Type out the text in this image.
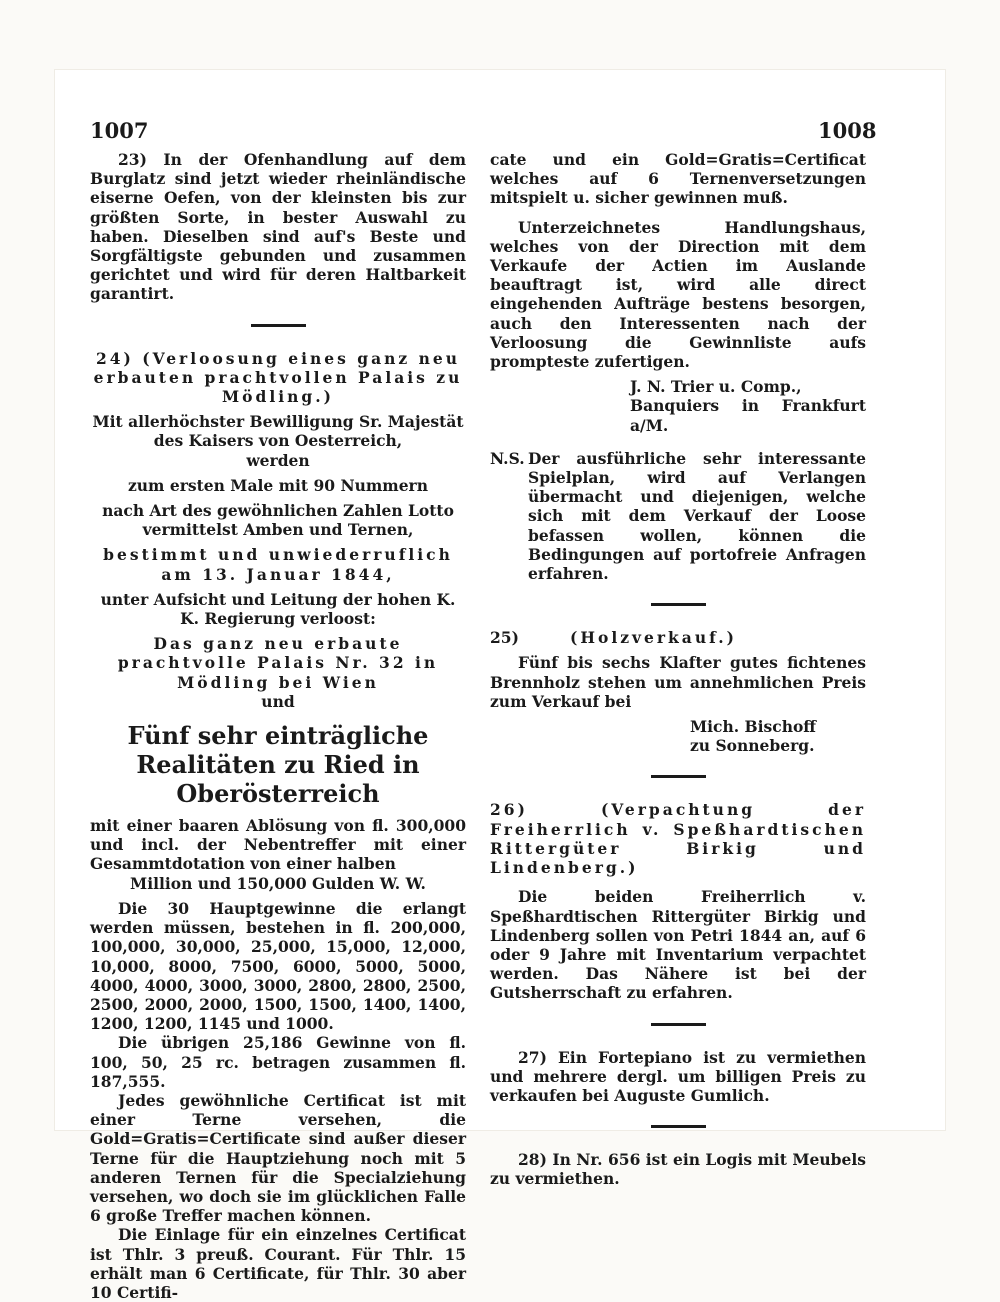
1007	1008

23) In der Ofenhandlung auf dem Burglatz sind jetzt wieder rheinländische eiserne Oefen, von der kleinsten bis zur größten Sorte, in bester Auswahl zu haben. Dieselben sind auf's Beste und Sorgfältigste gebunden und zusammen gerichtet und wird für deren Haltbarkeit garantirt.

24) (Verloosung eines ganz neu erbauten prachtvollen Palais zu Mödling.)

Mit allerhöchster Bewilligung Sr. Majestät des Kaisers von Oesterreich,

werden

zum ersten Male mit 90 Nummern

nach Art des gewöhnlichen Zahlen Lotto vermittelst Amben und Ternen,

bestimmt und unwiederruflich am 13. Januar 1844,

unter Aufsicht und Leitung der hohen K. K. Regierung verloost:

Das ganz neu erbaute prachtvolle Palais Nr. 32 in Mödling bei Wien

und

Fünf sehr einträgliche Realitäten zu Ried in Oberösterreich

mit einer baaren Ablösung von fl. 300,000 und incl. der Nebentreffer mit einer Gesammtdotation von einer halben

Million und 150,000 Gulden W. W.

Die 30 Hauptgewinne die erlangt werden müssen, bestehen in fl. 200,000, 100,000, 30,000, 25,000, 15,000, 12,000, 10,000, 8000, 7500, 6000, 5000, 5000, 4000, 4000, 3000, 3000, 2800, 2800, 2500, 2500, 2000, 2000, 1500, 1500, 1400, 1400, 1200, 1200, 1145 und 1000.

Die übrigen 25,186 Gewinne von fl. 100, 50, 25 rc. betragen zusammen fl. 187,555.

Jedes gewöhnliche Certificat ist mit einer Terne versehen, die Gold=Gratis=Certificate sind außer dieser Terne für die Hauptziehung noch mit 5 anderen Ternen für die Specialziehung versehen, wo doch sie im glücklichen Falle 6 große Treffer machen können.

Die Einlage für ein einzelnes Certificat ist Thlr. 3 preuß. Courant. Für Thlr. 15 erhält man 6 Certificate, für Thlr. 30 aber 10 Certifi-

cate und ein Gold=Gratis=Certificat welches auf 6 Ternenversetzungen mitspielt u. sicher gewinnen muß.

Unterzeichnetes Handlungshaus, welches von der Direction mit dem Verkaufe der Actien im Auslande beauftragt ist, wird alle direct eingehenden Aufträge bestens besorgen, auch den Interessenten nach der Verloosung die Gewinnliste aufs prompteste zufertigen.

J. N. Trier u. Comp.,

Banquiers in Frankfurt a/M.

N.S. Der ausführliche sehr interessante Spielplan, wird auf Verlangen übermacht und diejenigen, welche sich mit dem Verkauf der Loose befassen wollen, können die Bedingungen auf portofreie Anfragen erfahren.
25)	(Holzverkauf.)

Fünf bis sechs Klafter gutes fichtenes Brennholz stehen um annehmlichen Preis zum Verkauf bei

Mich. Bischoff

zu Sonneberg.

26) (Verpachtung der Freiherrlich v. Speßhardtischen Rittergüter Birkig und Lindenberg.)

Die beiden Freiherrlich v. Speßhardtischen Rittergüter Birkig und Lindenberg sollen von Petri 1844 an, auf 6 oder 9 Jahre mit Inventarium verpachtet werden. Das Nähere ist bei der Gutsherrschaft zu erfahren.

27) Ein Fortepiano ist zu vermiethen und mehrere dergl. um billigen Preis zu verkaufen bei Auguste Gumlich.

28) In Nr. 656 ist ein Logis mit Meubels zu vermiethen.
